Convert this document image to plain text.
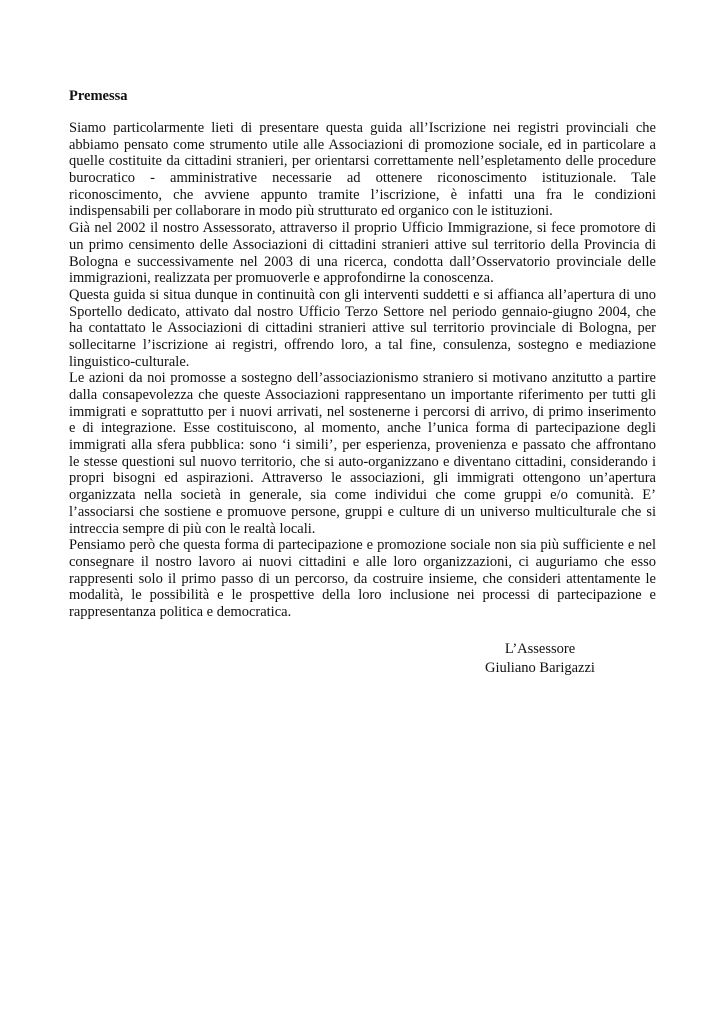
Premessa
Siamo particolarmente lieti di presentare questa guida all’Iscrizione nei registri provinciali che
abbiamo pensato come strumento utile alle Associazioni di promozione sociale, ed in particolare a
quelle costituite da cittadini stranieri, per orientarsi correttamente nell’espletamento delle procedure
burocratico - amministrative necessarie ad ottenere riconoscimento istituzionale. Tale
riconoscimento, che avviene appunto tramite l’iscrizione, è infatti una fra le condizioni
indispensabili per collaborare in modo più strutturato ed organico con le istituzioni.
Già nel 2002 il nostro Assessorato, attraverso il proprio Ufficio Immigrazione, si fece promotore di
un primo censimento delle Associazioni di cittadini stranieri attive sul territorio della Provincia di
Bologna e successivamente nel 2003 di una ricerca, condotta dall’Osservatorio provinciale delle
immigrazioni, realizzata per promuoverle e approfondirne la conoscenza.
Questa guida si situa dunque in continuità con gli interventi suddetti e si affianca all’apertura di uno
Sportello dedicato, attivato dal nostro Ufficio Terzo Settore nel periodo gennaio-giugno 2004, che
ha contattato le Associazioni di cittadini stranieri attive sul territorio provinciale di Bologna, per
sollecitarne l’iscrizione ai registri, offrendo loro, a tal fine, consulenza, sostegno e mediazione
linguistico-culturale.
Le azioni da noi promosse a sostegno dell’associazionismo straniero si motivano anzitutto a partire
dalla consapevolezza che queste Associazioni rappresentano un importante riferimento per tutti gli
immigrati e soprattutto per i nuovi arrivati, nel sostenerne i percorsi di arrivo, di primo inserimento
e di integrazione. Esse costituiscono, al momento, anche l’unica forma di partecipazione degli
immigrati alla sfera pubblica: sono ‘i simili’, per esperienza, provenienza e passato che affrontano
le stesse questioni sul nuovo territorio, che si auto-organizzano e diventano cittadini, considerando i
propri bisogni ed aspirazioni. Attraverso le associazioni, gli immigrati ottengono un’apertura
organizzata nella società in generale, sia come individui che come gruppi e/o comunità. E’
l’associarsi che sostiene e promuove persone, gruppi e culture di un universo multiculturale che si
intreccia sempre di più con le realtà locali.
Pensiamo però che questa forma di partecipazione e promozione sociale non sia più sufficiente e nel
consegnare il nostro lavoro ai nuovi cittadini e alle loro organizzazioni, ci auguriamo che esso
rappresenti solo il primo passo di un percorso, da costruire insieme, che consideri attentamente le
modalità, le possibilità e le prospettive della loro inclusione nei processi di partecipazione e
rappresentanza politica e democratica.
L’Assessore
Giuliano Barigazzi
